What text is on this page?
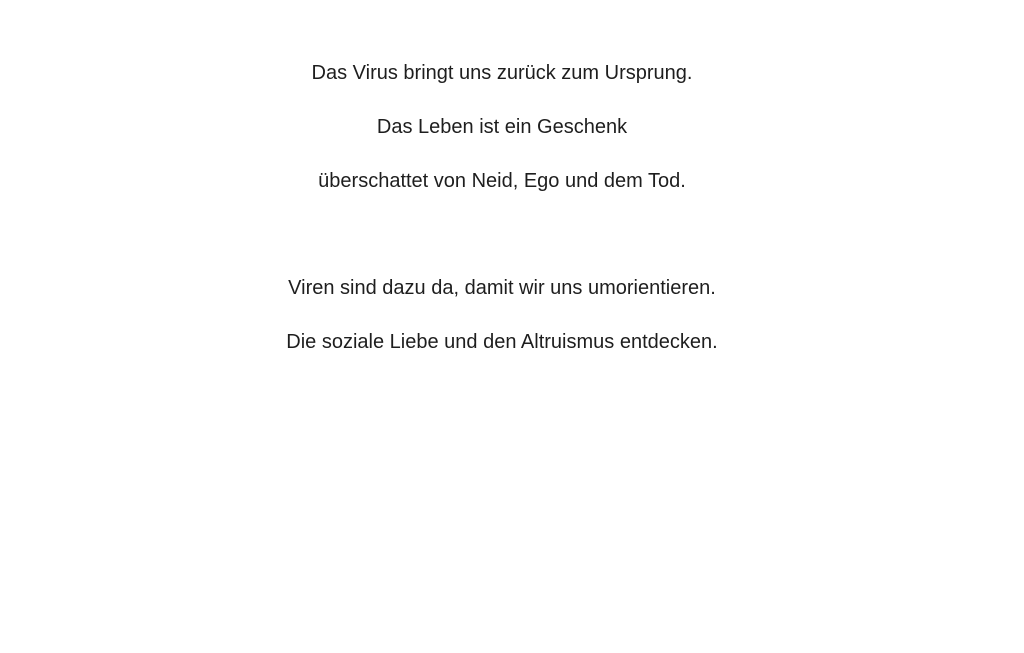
Das Virus bringt uns zurück zum Ursprung.

Das Leben ist ein Geschenk

überschattet von Neid, Ego und dem Tod.

Viren sind dazu da, damit wir uns umorientieren.

Die soziale Liebe und den Altruismus entdecken.
